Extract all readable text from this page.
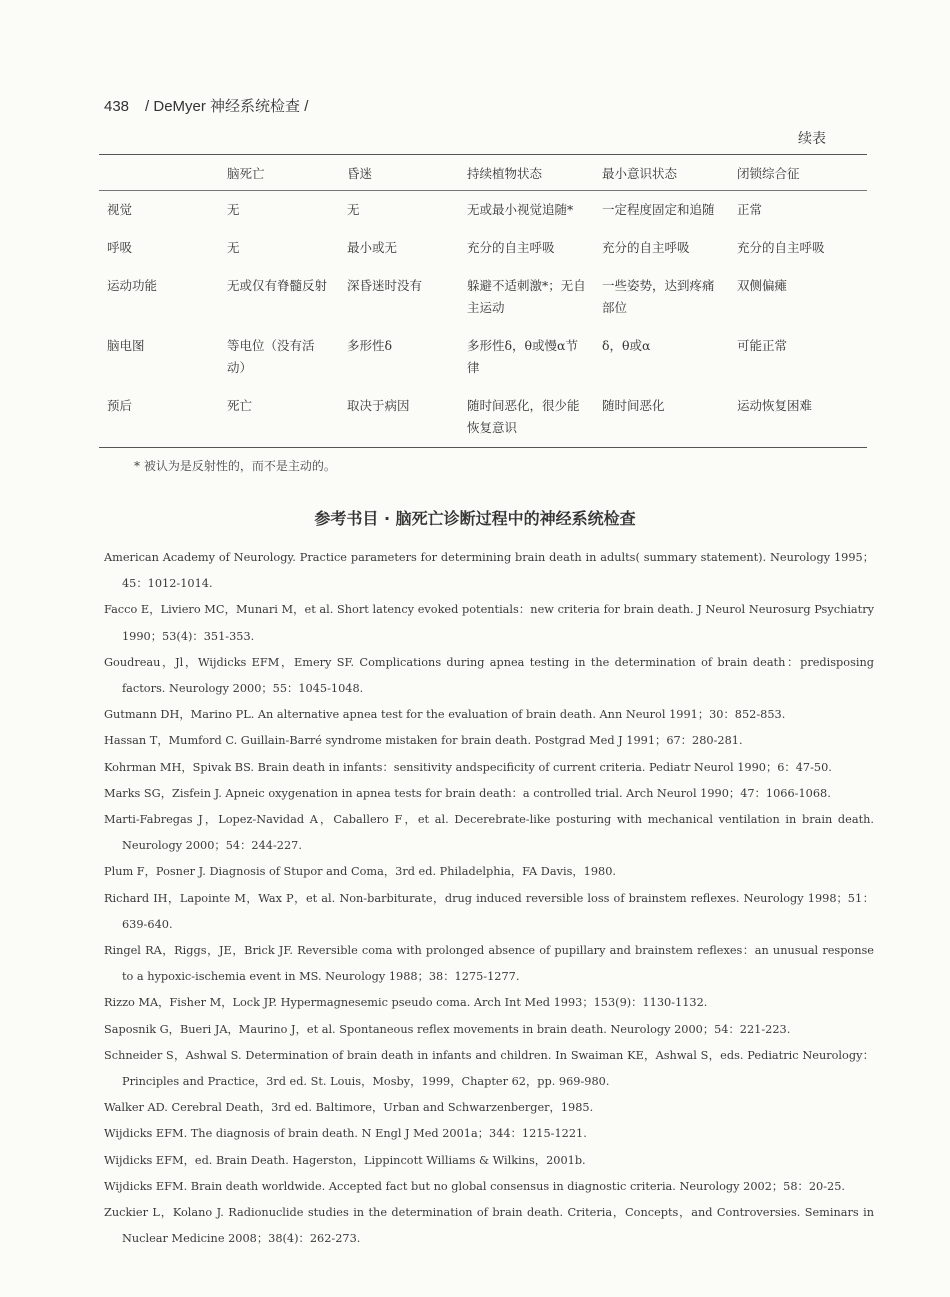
438 / DeMyer 神经系统检查 /
续表
	脑死亡	昏迷	持续植物状态	最小意识状态	闭锁综合征
视觉	无	无	无或最小视觉追随*	一定程度固定和追随	正常
呼吸	无	最小或无	充分的自主呼吸	充分的自主呼吸	充分的自主呼吸
运动功能	无或仅有脊髓反射	深昏迷时没有	躲避不适刺激*；无自主运动	一些姿势，达到疼痛部位	双侧偏瘫
脑电图	等电位（没有活动）	多形性δ	多形性δ，θ或慢α节律	δ，θ或α	可能正常
预后	死亡	取决于病因	随时间恶化，很少能恢复意识	随时间恶化	运动恢复困难
* 被认为是反射性的，而不是主动的。
参考书目 · 脑死亡诊断过程中的神经系统检查
American Academy of Neurology. Practice parameters for determining brain death in adults( summary statement). Neurology 1995；45：1012-1014.
Facco E，Liviero MC，Munari M，et al. Short latency evoked potentials：new criteria for brain death. J Neurol Neurosurg Psychiatry 1990；53(4)：351-353.
Goudreau，Jl，Wijdicks EFM，Emery SF. Complications during apnea testing in the determination of brain death：predisposing factors. Neurology 2000；55：1045-1048.
Gutmann DH，Marino PL. An alternative apnea test for the evaluation of brain death. Ann Neurol 1991；30：852-853.
Hassan T，Mumford C. Guillain-Barré syndrome mistaken for brain death. Postgrad Med J 1991；67：280-281.
Kohrman MH，Spivak BS. Brain death in infants：sensitivity andspecificity of current criteria. Pediatr Neurol 1990；6：47-50.
Marks SG，Zisfein J. Apneic oxygenation in apnea tests for brain death：a controlled trial. Arch Neurol 1990；47：1066-1068.
Marti-Fabregas J，Lopez-Navidad A，Caballero F，et al. Decerebrate-like posturing with mechanical ventilation in brain death. Neurology 2000；54：244-227.
Plum F，Posner J. Diagnosis of Stupor and Coma，3rd ed. Philadelphia，FA Davis，1980.
Richard IH，Lapointe M，Wax P，et al. Non-barbiturate，drug induced reversible loss of brainstem reflexes. Neurology 1998；51：639-640.
Ringel RA，Riggs，JE，Brick JF. Reversible coma with prolonged absence of pupillary and brainstem reflexes：an unusual response to a hypoxic-ischemia event in MS. Neurology 1988；38：1275-1277.
Rizzo MA，Fisher M，Lock JP. Hypermagnesemic pseudo coma. Arch Int Med 1993；153(9)：1130-1132.
Saposnik G，Bueri JA，Maurino J，et al. Spontaneous reflex movements in brain death. Neurology 2000；54：221-223.
Schneider S，Ashwal S. Determination of brain death in infants and children. In Swaiman KE，Ashwal S，eds. Pediatric Neurology：Principles and Practice，3rd ed. St. Louis，Mosby，1999，Chapter 62，pp. 969-980.
Walker AD. Cerebral Death，3rd ed. Baltimore，Urban and Schwarzenberger，1985.
Wijdicks EFM. The diagnosis of brain death. N Engl J Med 2001a；344：1215-1221.
Wijdicks EFM，ed. Brain Death. Hagerston，Lippincott Williams & Wilkins，2001b.
Wijdicks EFM. Brain death worldwide. Accepted fact but no global consensus in diagnostic criteria. Neurology 2002；58：20-25.
Zuckier L，Kolano J. Radionuclide studies in the determination of brain death. Criteria，Concepts，and Controversies. Seminars in Nuclear Medicine 2008；38(4)：262-273.
